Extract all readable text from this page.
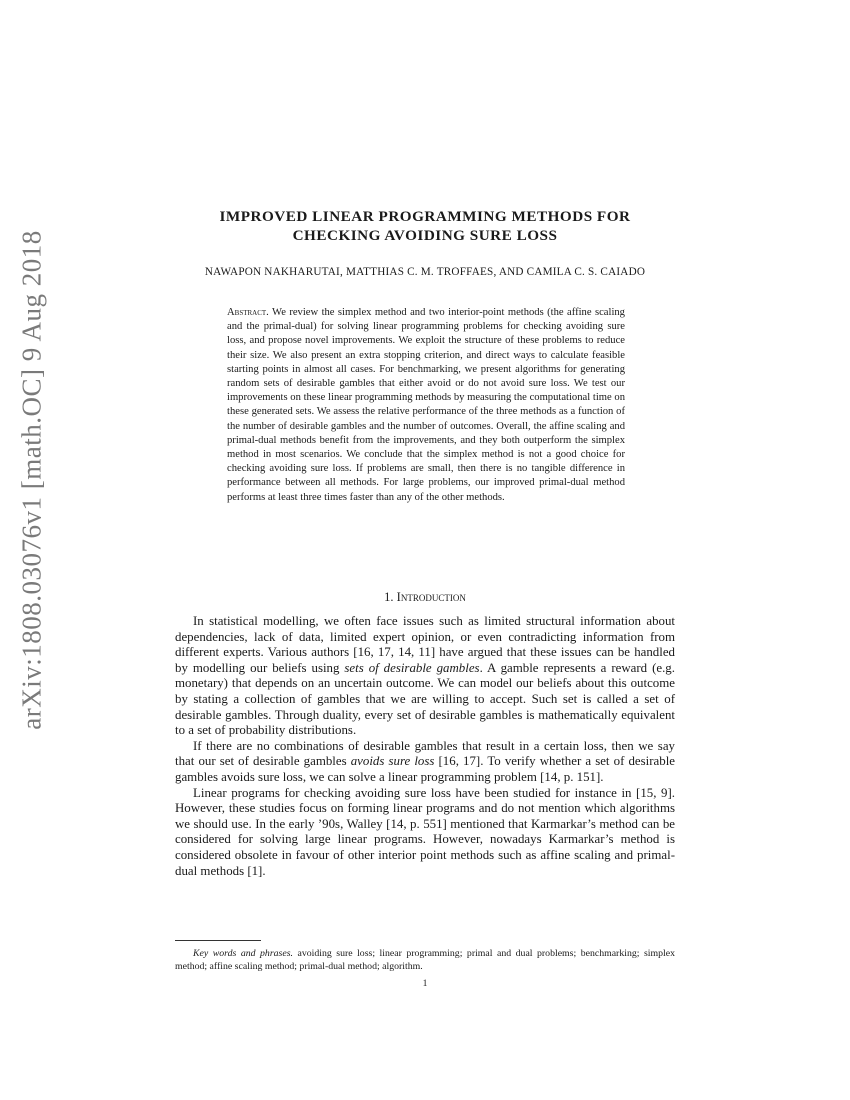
arXiv:1808.03076v1 [math.OC] 9 Aug 2018
IMPROVED LINEAR PROGRAMMING METHODS FOR
CHECKING AVOIDING SURE LOSS
NAWAPON NAKHARUTAI, MATTHIAS C. M. TROFFAES, AND CAMILA C. S. CAIADO
Abstract. We review the simplex method and two interior-point methods (the affine scaling and the primal-dual) for solving linear programming problems for checking avoiding sure loss, and propose novel improvements. We exploit the structure of these problems to reduce their size. We also present an extra stopping criterion, and direct ways to calculate feasible starting points in almost all cases. For benchmarking, we present algorithms for generating random sets of desirable gambles that either avoid or do not avoid sure loss. We test our improvements on these linear programming methods by measuring the computational time on these generated sets. We assess the relative performance of the three methods as a function of the number of desirable gambles and the number of outcomes. Overall, the affine scaling and primal-dual methods benefit from the improvements, and they both outperform the simplex method in most scenarios. We conclude that the simplex method is not a good choice for checking avoiding sure loss. If problems are small, then there is no tangible difference in performance between all methods. For large problems, our improved primal-dual method performs at least three times faster than any of the other methods.
1. Introduction

In statistical modelling, we often face issues such as limited structural information about dependencies, lack of data, limited expert opinion, or even contradicting information from different experts. Various authors [16, 17, 14, 11] have argued that these issues can be handled by modelling our beliefs using sets of desirable gambles. A gamble represents a reward (e.g. monetary) that depends on an uncertain outcome. We can model our beliefs about this outcome by stating a collection of gambles that we are willing to accept. Such set is called a set of desirable gambles. Through duality, every set of desirable gambles is mathematically equivalent to a set of probability distributions.

If there are no combinations of desirable gambles that result in a certain loss, then we say that our set of desirable gambles avoids sure loss [16, 17]. To verify whether a set of desirable gambles avoids sure loss, we can solve a linear programming problem [14, p. 151].

Linear programs for checking avoiding sure loss have been studied for instance in [15, 9]. However, these studies focus on forming linear programs and do not mention which algorithms we should use. In the early ’90s, Walley [14, p. 551] mentioned that Karmarkar’s method can be considered for solving large linear programs. However, nowadays Karmarkar’s method is considered obsolete in favour of other interior point methods such as affine scaling and primal-dual methods [1].

Key words and phrases. avoiding sure loss; linear programming; primal and dual problems; benchmarking; simplex method; affine scaling method; primal-dual method; algorithm.
1
